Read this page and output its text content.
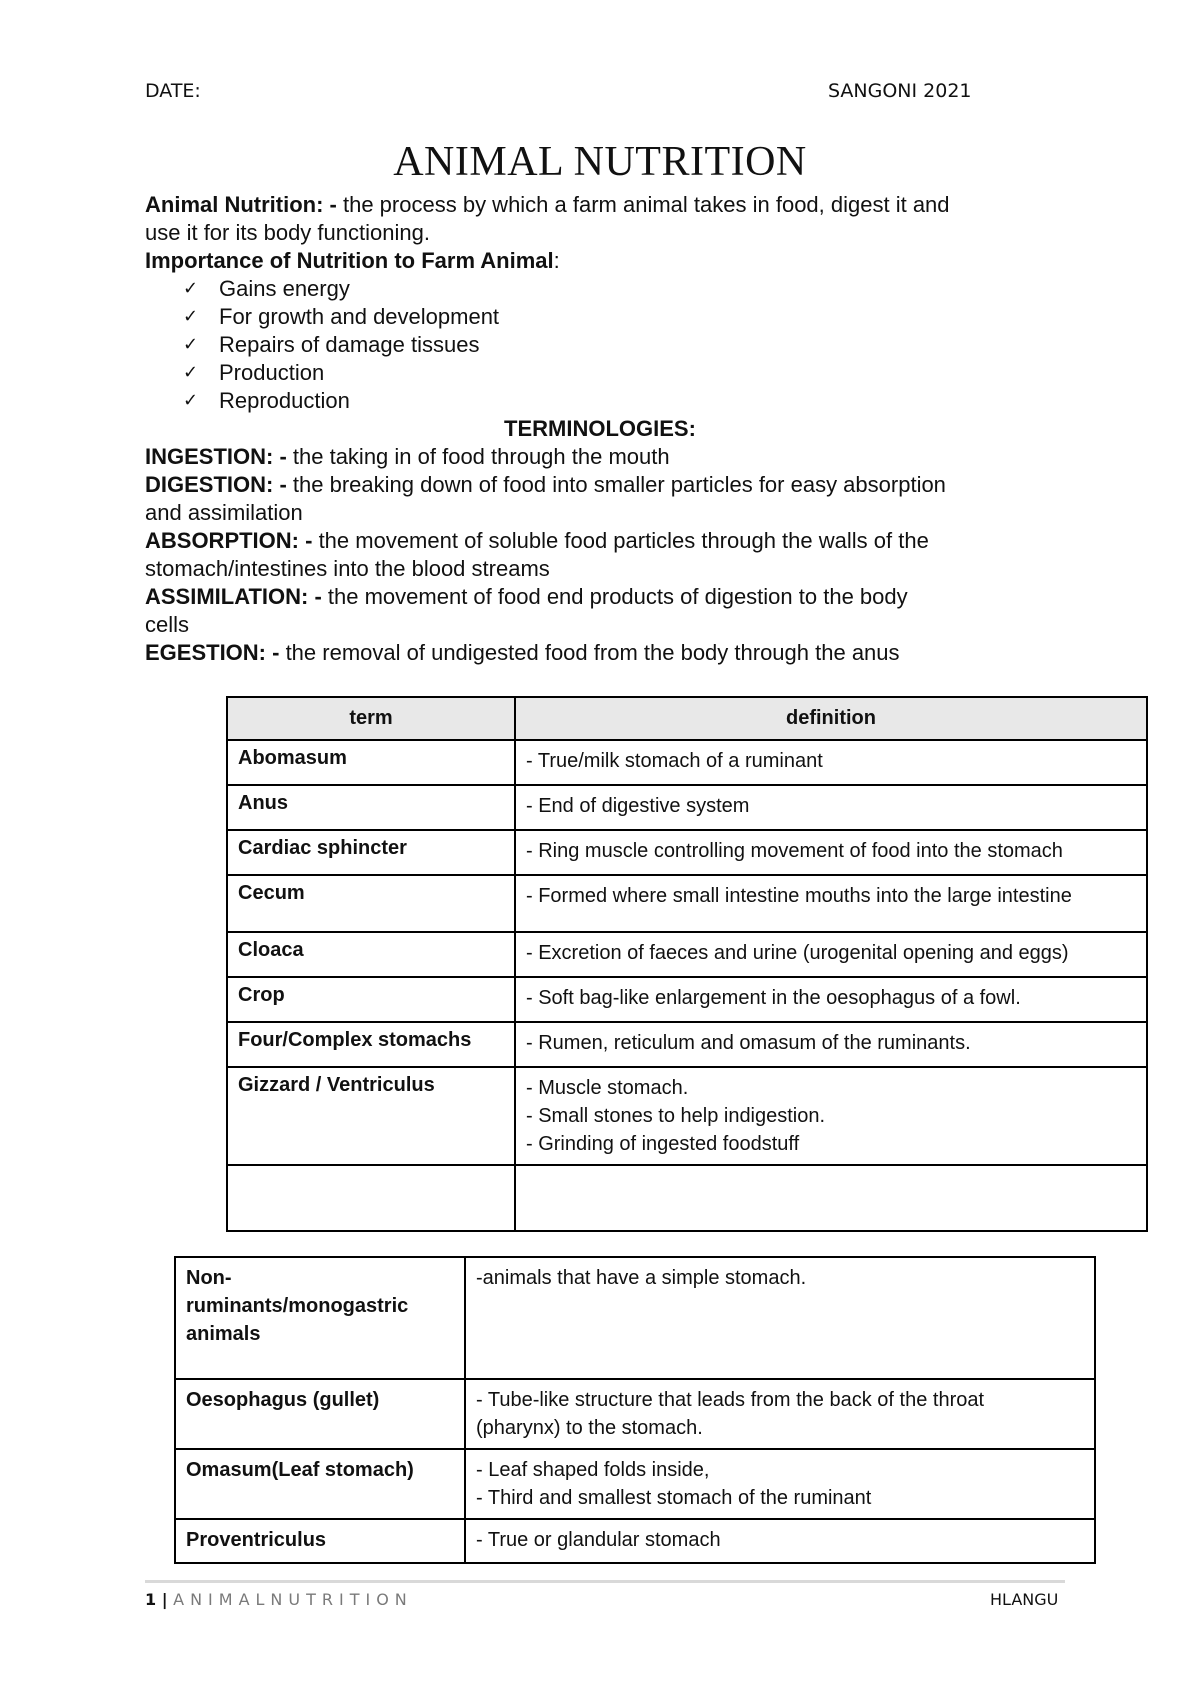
DATE:	SANGONI 2021
ANIMAL NUTRITION
Animal Nutrition: - the process by which a farm animal takes in food, digest it and
use it for its body functioning.
Importance of Nutrition to Farm Animal:
✓ Gains energy
✓ For growth and development
✓ Repairs of damage tissues
✓ Production
✓ Reproduction
TERMINOLOGIES:
INGESTION: - the taking in of food through the mouth
DIGESTION: - the breaking down of food into smaller particles for easy absorption
and assimilation
ABSORPTION: - the movement of soluble food particles through the walls of the
stomach/intestines into the blood streams
ASSIMILATION: - the movement of food end products of digestion to the body
cells
EGESTION: - the removal of undigested food from the body through the anus
term	definition
Abomasum	- True/milk stomach of a ruminant

Anus	- End of digestive system

Cardiac sphincter	- Ring muscle controlling movement of food into the stomach

Cecum	- Formed where small intestine mouths into the large intestine

Cloaca	- Excretion of faeces and urine (urogenital opening and eggs)

Crop	- Soft bag-like enlargement in the oesophagus of a fowl.

Four/Complex stomachs	- Rumen, reticulum and omasum of the ruminants.

Gizzard / Ventriculus	- Muscle stomach.
- Small stones to help indigestion.
- Grinding of ingested foodstuff

Non-
ruminants/monogastric
animals	-animals that have a simple stomach.

Oesophagus (gullet)	- Tube-like structure that leads from the back of the throat
(pharynx) to the stomach.

Omasum(Leaf stomach)	- Leaf shaped folds inside,
- Third and smallest stomach of the ruminant

Proventriculus	- True or glandular stomach
1 | ANIMALNUTRITION	HLANGU
